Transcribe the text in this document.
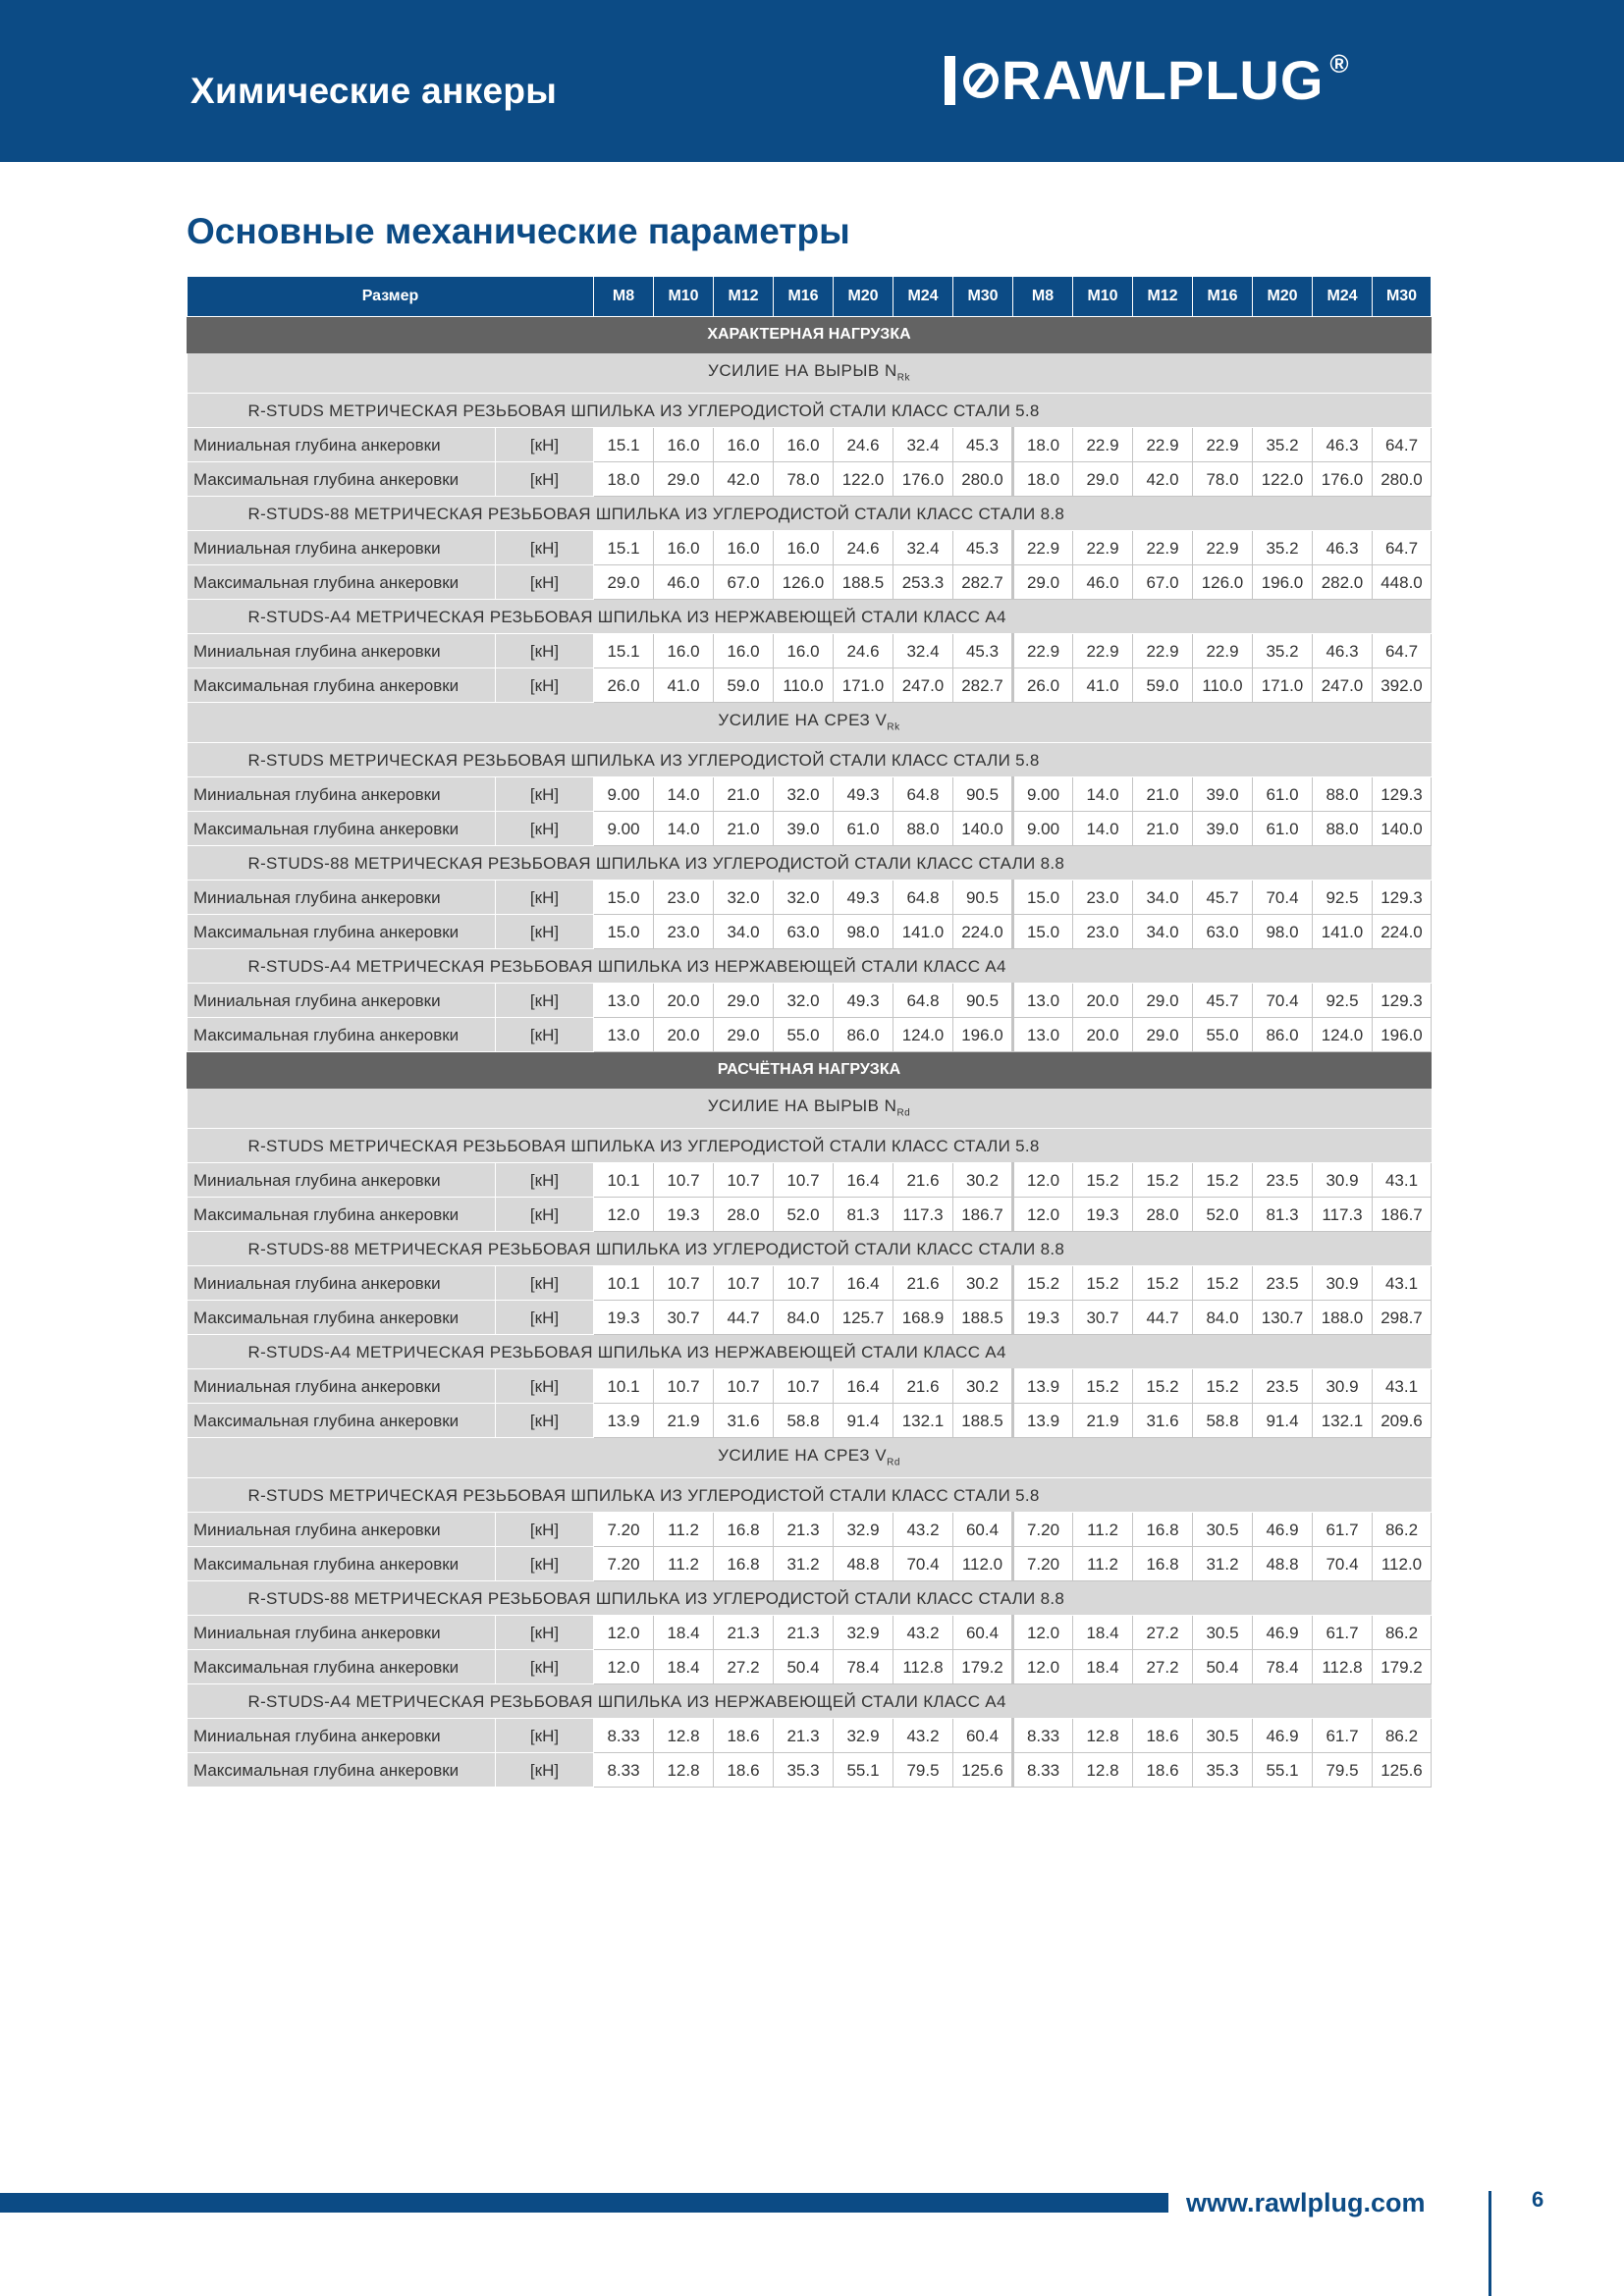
Химические анкеры	RAWLPLUG ®
Основные механические параметры
Размер		M8	M10	M12	M16	M20	M24	M30	M8	M10	M12	M16	M20	M24	M30
ХАРАКТЕРНАЯ НАГРУЗКА															
УСИЛИЕ НА ВЫРЫВ $N_{Rk}$
R-STUDS МЕТРИЧЕСКАЯ РЕЗЬБОВАЯ ШПИЛЬКА ИЗ УГЛЕРОДИСТОЙ СТАЛИ КЛАСС СТАЛИ 5.8															
Миниальная глубина анкеровки	[кН]	15.1	16.0	16.0	16.0	24.6	32.4	45.3	18.0	22.9	22.9	22.9	35.2	46.3	64.7
Максимальная глубина анкеровки	[кН]	18.0	29.0	42.0	78.0	122.0	176.0	280.0	18.0	29.0	42.0	78.0	122.0	176.0	280.0
R-STUDS-88 МЕТРИЧЕСКАЯ РЕЗЬБОВАЯ ШПИЛЬКА ИЗ УГЛЕРОДИСТОЙ СТАЛИ КЛАСС СТАЛИ 8.8															
Миниальная глубина анкеровки	[кН]	15.1	16.0	16.0	16.0	24.6	32.4	45.3	22.9	22.9	22.9	22.9	35.2	46.3	64.7
Максимальная глубина анкеровки	[кН]	29.0	46.0	67.0	126.0	188.5	253.3	282.7	29.0	46.0	67.0	126.0	196.0	282.0	448.0
R-STUDS-A4 МЕТРИЧЕСКАЯ РЕЗЬБОВАЯ ШПИЛЬКА ИЗ НЕРЖАВЕЮЩЕЙ СТАЛИ КЛАСС А4															
Миниальная глубина анкеровки	[кН]	15.1	16.0	16.0	16.0	24.6	32.4	45.3	22.9	22.9	22.9	22.9	35.2	46.3	64.7
Максимальная глубина анкеровки	[кН]	26.0	41.0	59.0	110.0	171.0	247.0	282.7	26.0	41.0	59.0	110.0	171.0	247.0	392.0
УСИЛИЕ НА СРЕЗ $V_{Rk}$
R-STUDS МЕТРИЧЕСКАЯ РЕЗЬБОВАЯ ШПИЛЬКА ИЗ УГЛЕРОДИСТОЙ СТАЛИ КЛАСС СТАЛИ 5.8															
Миниальная глубина анкеровки	[кН]	9.00	14.0	21.0	32.0	49.3	64.8	90.5	9.00	14.0	21.0	39.0	61.0	88.0	129.3
Максимальная глубина анкеровки	[кН]	9.00	14.0	21.0	39.0	61.0	88.0	140.0	9.00	14.0	21.0	39.0	61.0	88.0	140.0
R-STUDS-88 МЕТРИЧЕСКАЯ РЕЗЬБОВАЯ ШПИЛЬКА ИЗ УГЛЕРОДИСТОЙ СТАЛИ КЛАСС СТАЛИ 8.8															
Миниальная глубина анкеровки	[кН]	15.0	23.0	32.0	32.0	49.3	64.8	90.5	15.0	23.0	34.0	45.7	70.4	92.5	129.3
Максимальная глубина анкеровки	[кН]	15.0	23.0	34.0	63.0	98.0	141.0	224.0	15.0	23.0	34.0	63.0	98.0	141.0	224.0
R-STUDS-A4 МЕТРИЧЕСКАЯ РЕЗЬБОВАЯ ШПИЛЬКА ИЗ НЕРЖАВЕЮЩЕЙ СТАЛИ КЛАСС А4															
Миниальная глубина анкеровки	[кН]	13.0	20.0	29.0	32.0	49.3	64.8	90.5	13.0	20.0	29.0	45.7	70.4	92.5	129.3
Максимальная глубина анкеровки	[кН]	13.0	20.0	29.0	55.0	86.0	124.0	196.0	13.0	20.0	29.0	55.0	86.0	124.0	196.0
РАСЧЁТНАЯ НАГРУЗКА															
УСИЛИЕ НА ВЫРЫВ $N_{Rd}$
R-STUDS МЕТРИЧЕСКАЯ РЕЗЬБОВАЯ ШПИЛЬКА ИЗ УГЛЕРОДИСТОЙ СТАЛИ КЛАСС СТАЛИ 5.8															
Миниальная глубина анкеровки	[кН]	10.1	10.7	10.7	10.7	16.4	21.6	30.2	12.0	15.2	15.2	15.2	23.5	30.9	43.1
Максимальная глубина анкеровки	[кН]	12.0	19.3	28.0	52.0	81.3	117.3	186.7	12.0	19.3	28.0	52.0	81.3	117.3	186.7
R-STUDS-88 МЕТРИЧЕСКАЯ РЕЗЬБОВАЯ ШПИЛЬКА ИЗ УГЛЕРОДИСТОЙ СТАЛИ КЛАСС СТАЛИ 8.8															
Миниальная глубина анкеровки	[кН]	10.1	10.7	10.7	10.7	16.4	21.6	30.2	15.2	15.2	15.2	15.2	23.5	30.9	43.1
Максимальная глубина анкеровки	[кН]	19.3	30.7	44.7	84.0	125.7	168.9	188.5	19.3	30.7	44.7	84.0	130.7	188.0	298.7
R-STUDS-A4 МЕТРИЧЕСКАЯ РЕЗЬБОВАЯ ШПИЛЬКА ИЗ НЕРЖАВЕЮЩЕЙ СТАЛИ КЛАСС А4															
Миниальная глубина анкеровки	[кН]	10.1	10.7	10.7	10.7	16.4	21.6	30.2	13.9	15.2	15.2	15.2	23.5	30.9	43.1
Максимальная глубина анкеровки	[кН]	13.9	21.9	31.6	58.8	91.4	132.1	188.5	13.9	21.9	31.6	58.8	91.4	132.1	209.6
УСИЛИЕ НА СРЕЗ $V_{Rd}$
R-STUDS МЕТРИЧЕСКАЯ РЕЗЬБОВАЯ ШПИЛЬКА ИЗ УГЛЕРОДИСТОЙ СТАЛИ КЛАСС СТАЛИ 5.8															
Миниальная глубина анкеровки	[кН]	7.20	11.2	16.8	21.3	32.9	43.2	60.4	7.20	11.2	16.8	30.5	46.9	61.7	86.2
Максимальная глубина анкеровки	[кН]	7.20	11.2	16.8	31.2	48.8	70.4	112.0	7.20	11.2	16.8	31.2	48.8	70.4	112.0
R-STUDS-88 МЕТРИЧЕСКАЯ РЕЗЬБОВАЯ ШПИЛЬКА ИЗ УГЛЕРОДИСТОЙ СТАЛИ КЛАСС СТАЛИ 8.8															
Миниальная глубина анкеровки	[кН]	12.0	18.4	21.3	21.3	32.9	43.2	60.4	12.0	18.4	27.2	30.5	46.9	61.7	86.2
Максимальная глубина анкеровки	[кН]	12.0	18.4	27.2	50.4	78.4	112.8	179.2	12.0	18.4	27.2	50.4	78.4	112.8	179.2
R-STUDS-A4 МЕТРИЧЕСКАЯ РЕЗЬБОВАЯ ШПИЛЬКА ИЗ НЕРЖАВЕЮЩЕЙ СТАЛИ КЛАСС А4															
Миниальная глубина анкеровки	[кН]	8.33	12.8	18.6	21.3	32.9	43.2	60.4	8.33	12.8	18.6	30.5	46.9	61.7	86.2
Максимальная глубина анкеровки	[кН]	8.33	12.8	18.6	35.3	55.1	79.5	125.6	8.33	12.8	18.6	35.3	55.1	79.5	125.6
www.rawlplug.com	6
